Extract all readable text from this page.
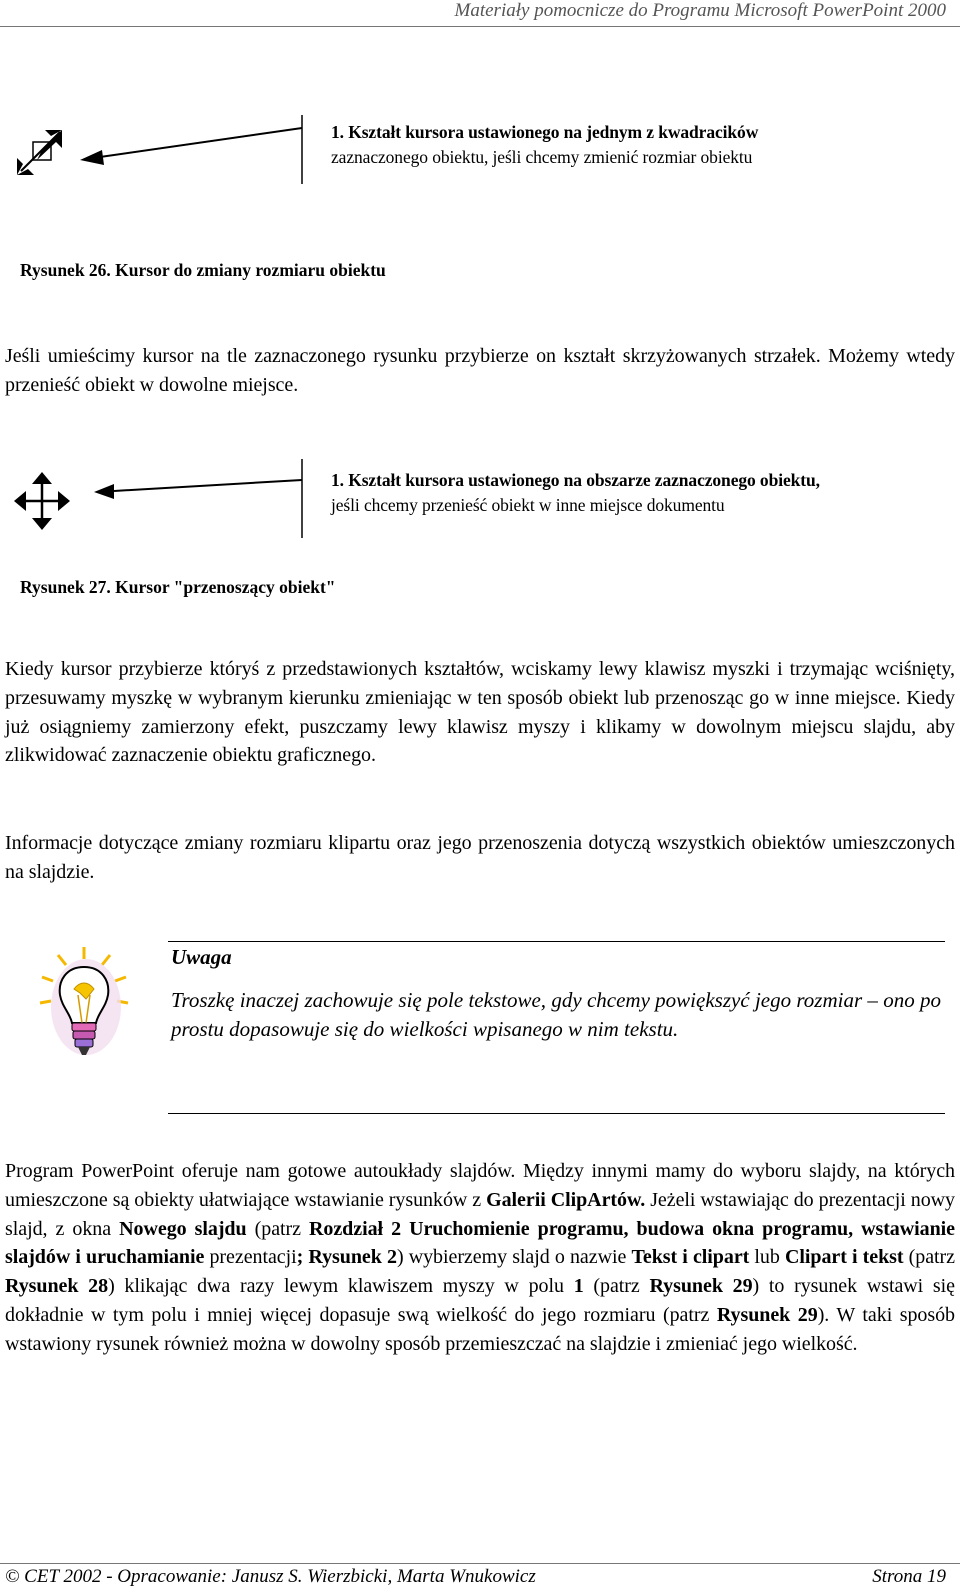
Materiały pomocnicze do Programu Microsoft PowerPoint 2000
1. Kształt kursora ustawionego na jednym z kwadracików
zaznaczonego obiektu, jeśli chcemy zmienić rozmiar obiektu
Rysunek 26. Kursor do zmiany rozmiaru obiektu
Jeśli umieścimy kursor na tle zaznaczonego rysunku przybierze on kształt skrzyżowanych strzałek. Możemy wtedy przenieść obiekt w dowolne miejsce.
1. Kształt kursora ustawionego na obszarze zaznaczonego obiektu,
jeśli chcemy przenieść obiekt w inne miejsce dokumentu
Rysunek 27. Kursor "przenoszący obiekt"
Kiedy kursor przybierze któryś z przedstawionych kształtów, wciskamy lewy klawisz myszki i trzymając wciśnięty, przesuwamy myszkę w wybranym kierunku zmieniając w ten sposób obiekt lub przenosząc go w inne miejsce. Kiedy już osiągniemy zamierzony efekt, puszczamy lewy klawisz myszy i klikamy w dowolnym miejscu slajdu, aby zlikwidować zaznaczenie obiektu graficznego.
Informacje dotyczące zmiany rozmiaru klipartu oraz jego przenoszenia dotyczą wszystkich obiektów umieszczonych na slajdzie.
Uwaga
Troszkę inaczej zachowuje się pole tekstowe, gdy chcemy powiększyć jego rozmiar – ono po prostu dopasowuje się do wielkości wpisanego w nim tekstu.
Program PowerPoint oferuje nam gotowe autoukłady slajdów. Między innymi mamy do wyboru slajdy, na których umieszczone są obiekty ułatwiające wstawianie rysunków z Galerii ClipArtów. Jeżeli wstawiając do prezentacji nowy slajd, z okna Nowego slajdu (patrz Rozdział 2 Uruchomienie programu, budowa okna programu, wstawianie slajdów i uruchamianie prezentacji; Rysunek 2) wybierzemy slajd o nazwie Tekst i clipart lub Clipart i tekst (patrz Rysunek 28) klikając dwa razy lewym klawiszem myszy w polu 1 (patrz Rysunek 29) to rysunek wstawi się dokładnie w tym polu i mniej więcej dopasuje swą wielkość do jego rozmiaru (patrz Rysunek 29). W taki sposób wstawiony rysunek również można w dowolny sposób przemieszczać na slajdzie i zmieniać jego wielkość.
© CET 2002 - Opracowanie: Janusz S. Wierzbicki, Marta Wnukowicz	Strona 19
